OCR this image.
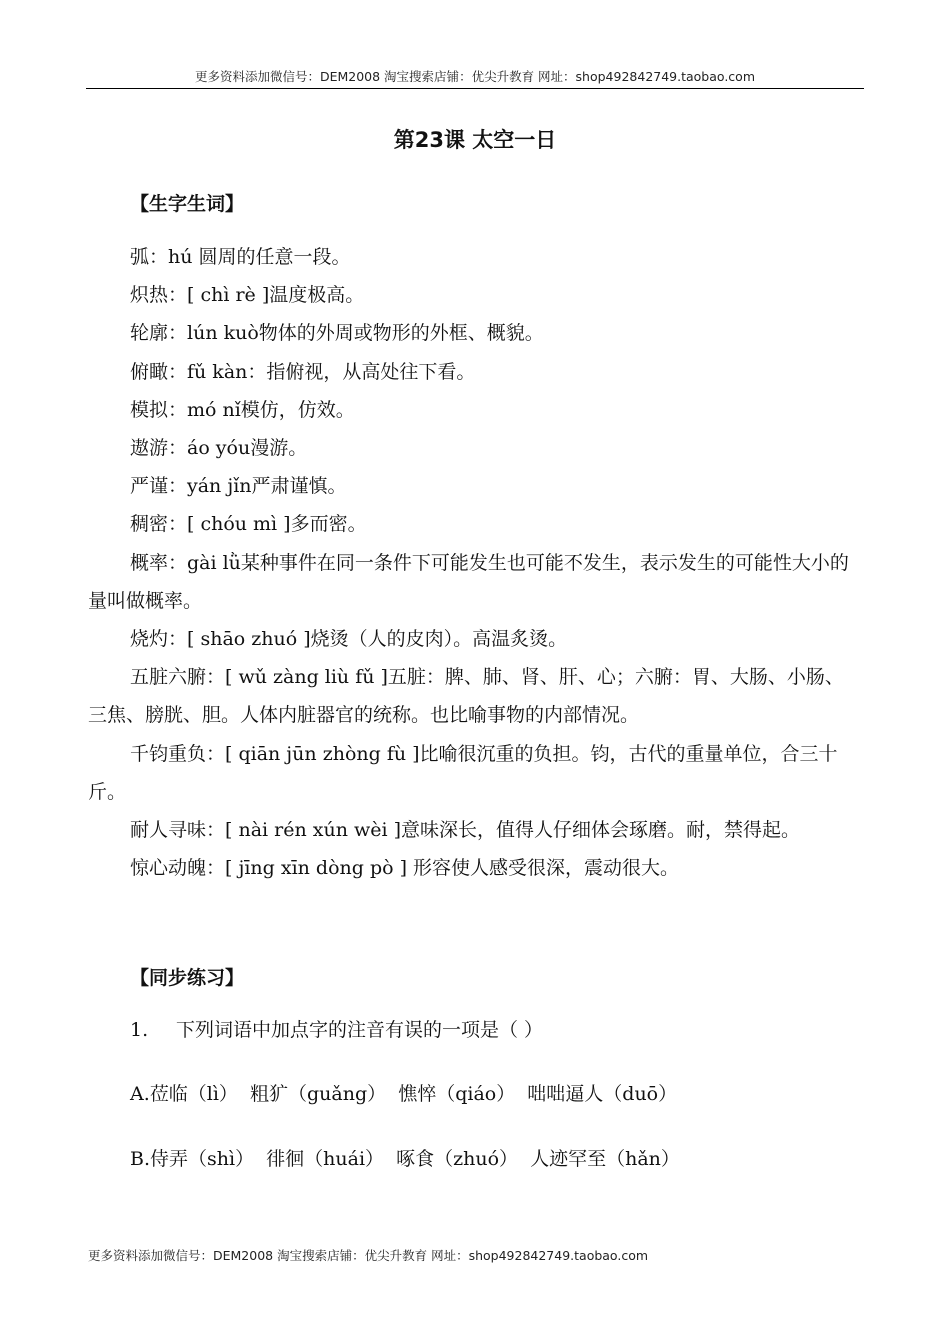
更多资料添加微信号：DEM2008 淘宝搜索店铺：优尖升教育 网址：shop492842749.taobao.com
第23课 太空一日
【生字生词】
弧：hú 圆周的任意一段。
炽热：[ chì rè ]温度极高。
轮廓：lún kuò物体的外周或物形的外框、概貌。
俯瞰：fǔ kàn：指俯视，从高处往下看。
模拟：mó nǐ模仿，仿效。
遨游：áo yóu漫游。
严谨：yán jǐn严肃谨慎。
稠密：[ chóu mì ]多而密。
概率：gài lǜ某种事件在同一条件下可能发生也可能不发生，表示发生的可能性大小的量叫做概率。
烧灼：[ shāo zhuó ]烧烫（人的皮肉）。高温炙烫。
五脏六腑：[ wǔ zàng liù fǔ ]五脏：脾、肺、肾、肝、心；六腑：胃、大肠、小肠、三焦、膀胱、胆。人体内脏器官的统称。也比喻事物的内部情况。
千钧重负：[ qiān jūn zhòng fù ]比喻很沉重的负担。钧，古代的重量单位，合三十斤。
耐人寻味：[ nài rén xún wèi ]意味深长，值得人仔细体会琢磨。耐，禁得起。
惊心动魄：[ jīng xīn dòng pò ] 形容使人感受很深，震动很大。
【同步练习】

1. 下列词语中加点字的注音有误的一项是（ ）

A.莅临（lì）  粗犷（guǎng）  憔悴（qiáo）  咄咄逼人（duō）

B.侍弄（shì）  徘徊（huái）  啄食（zhuó）  人迹罕至（hǎn）

更多资料添加微信号：DEM2008 淘宝搜索店铺：优尖升教育 网址：shop492842749.taobao.com
